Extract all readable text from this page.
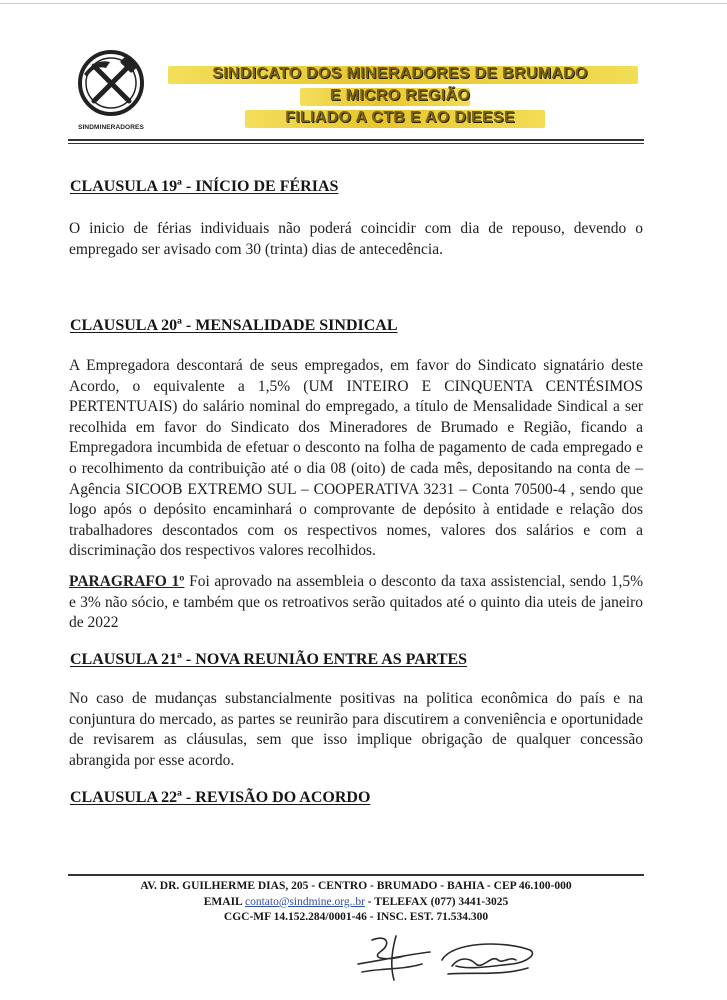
SINDMINERADORES
SINDICATO DOS MINERADORES DE BRUMADO
E MICRO REGIÃO
FILIADO A CTB E AO DIEESE
CLAUSULA 19ª - INÍCIO DE FÉRIAS

O inicio de férias individuais não poderá coincidir com dia de repouso, devendo o empregado ser avisado com 30 (trinta) dias de antecedência.

CLAUSULA 20ª - MENSALIDADE SINDICAL

A Empregadora descontará de seus empregados, em favor do Sindicato signatário deste Acordo, o equivalente a 1,5% (UM INTEIRO E CINQUENTA CENTÉSIMOS PERTENTUAIS) do salário nominal do empregado, a título de Mensalidade Sindical a ser recolhida em favor do Sindicato dos Mineradores de Brumado e Região, ficando a Empregadora incumbida de efetuar o desconto na folha de pagamento de cada empregado e o recolhimento da contribuição até o dia 08 (oito) de cada mês, depositando na conta de – Agência SICOOB EXTREMO SUL – COOPERATIVA 3231 – Conta 70500-4 , sendo que logo após o depósito encaminhará o comprovante de depósito à entidade e relação dos trabalhadores descontados com os respectivos nomes, valores dos salários e com a discriminação dos respectivos valores recolhidos.

PARAGRAFO 1º Foi aprovado na assembleia o desconto da taxa assistencial, sendo 1,5% e 3% não sócio, e também que os retroativos serão quitados até o quinto dia uteis de janeiro de 2022

CLAUSULA 21ª - NOVA REUNIÃO ENTRE AS PARTES

No caso de mudanças substancialmente positivas na politica econômica do país e na conjuntura do mercado, as partes se reunirão para discutirem a conveniência e oportunidade de revisarem as cláusulas, sem que isso implique obrigação de qualquer concessão abrangida por esse acordo.

CLAUSULA 22ª - REVISÃO DO ACORDO
AV. DR. GUILHERME DIAS, 205 - CENTRO - BRUMADO - BAHIA - CEP 46.100-000
EMAIL contato@sindmine.org..br - TELEFAX (077) 3441-3025
CGC-MF 14.152.284/0001-46 - INSC. EST. 71.534.300
